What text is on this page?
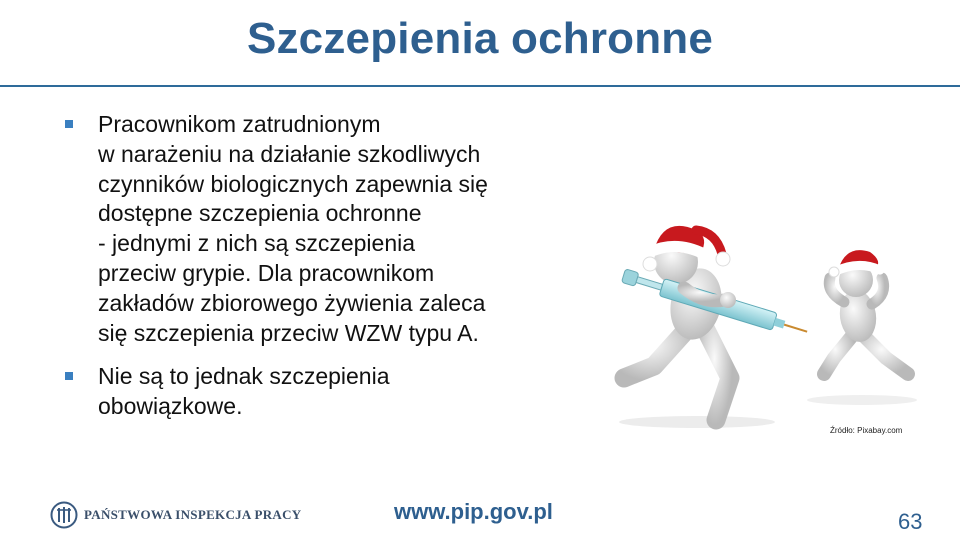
Szczepienia ochronne
Pracownikom zatrudnionym
w narażeniu na działanie szkodliwych
czynników biologicznych zapewnia się
dostępne szczepienia ochronne
- jednymi z nich są szczepienia
przeciw grypie. Dla pracownikom
zakładów zbiorowego żywienia zaleca
się szczepienia przeciw WZW typu A.
Nie są to jednak szczepienia
obowiązkowe.
Źródło: Pixabay.com
PAŃSTWOWA INSPEKCJA PRACY	www.pip.gov.pl	63
